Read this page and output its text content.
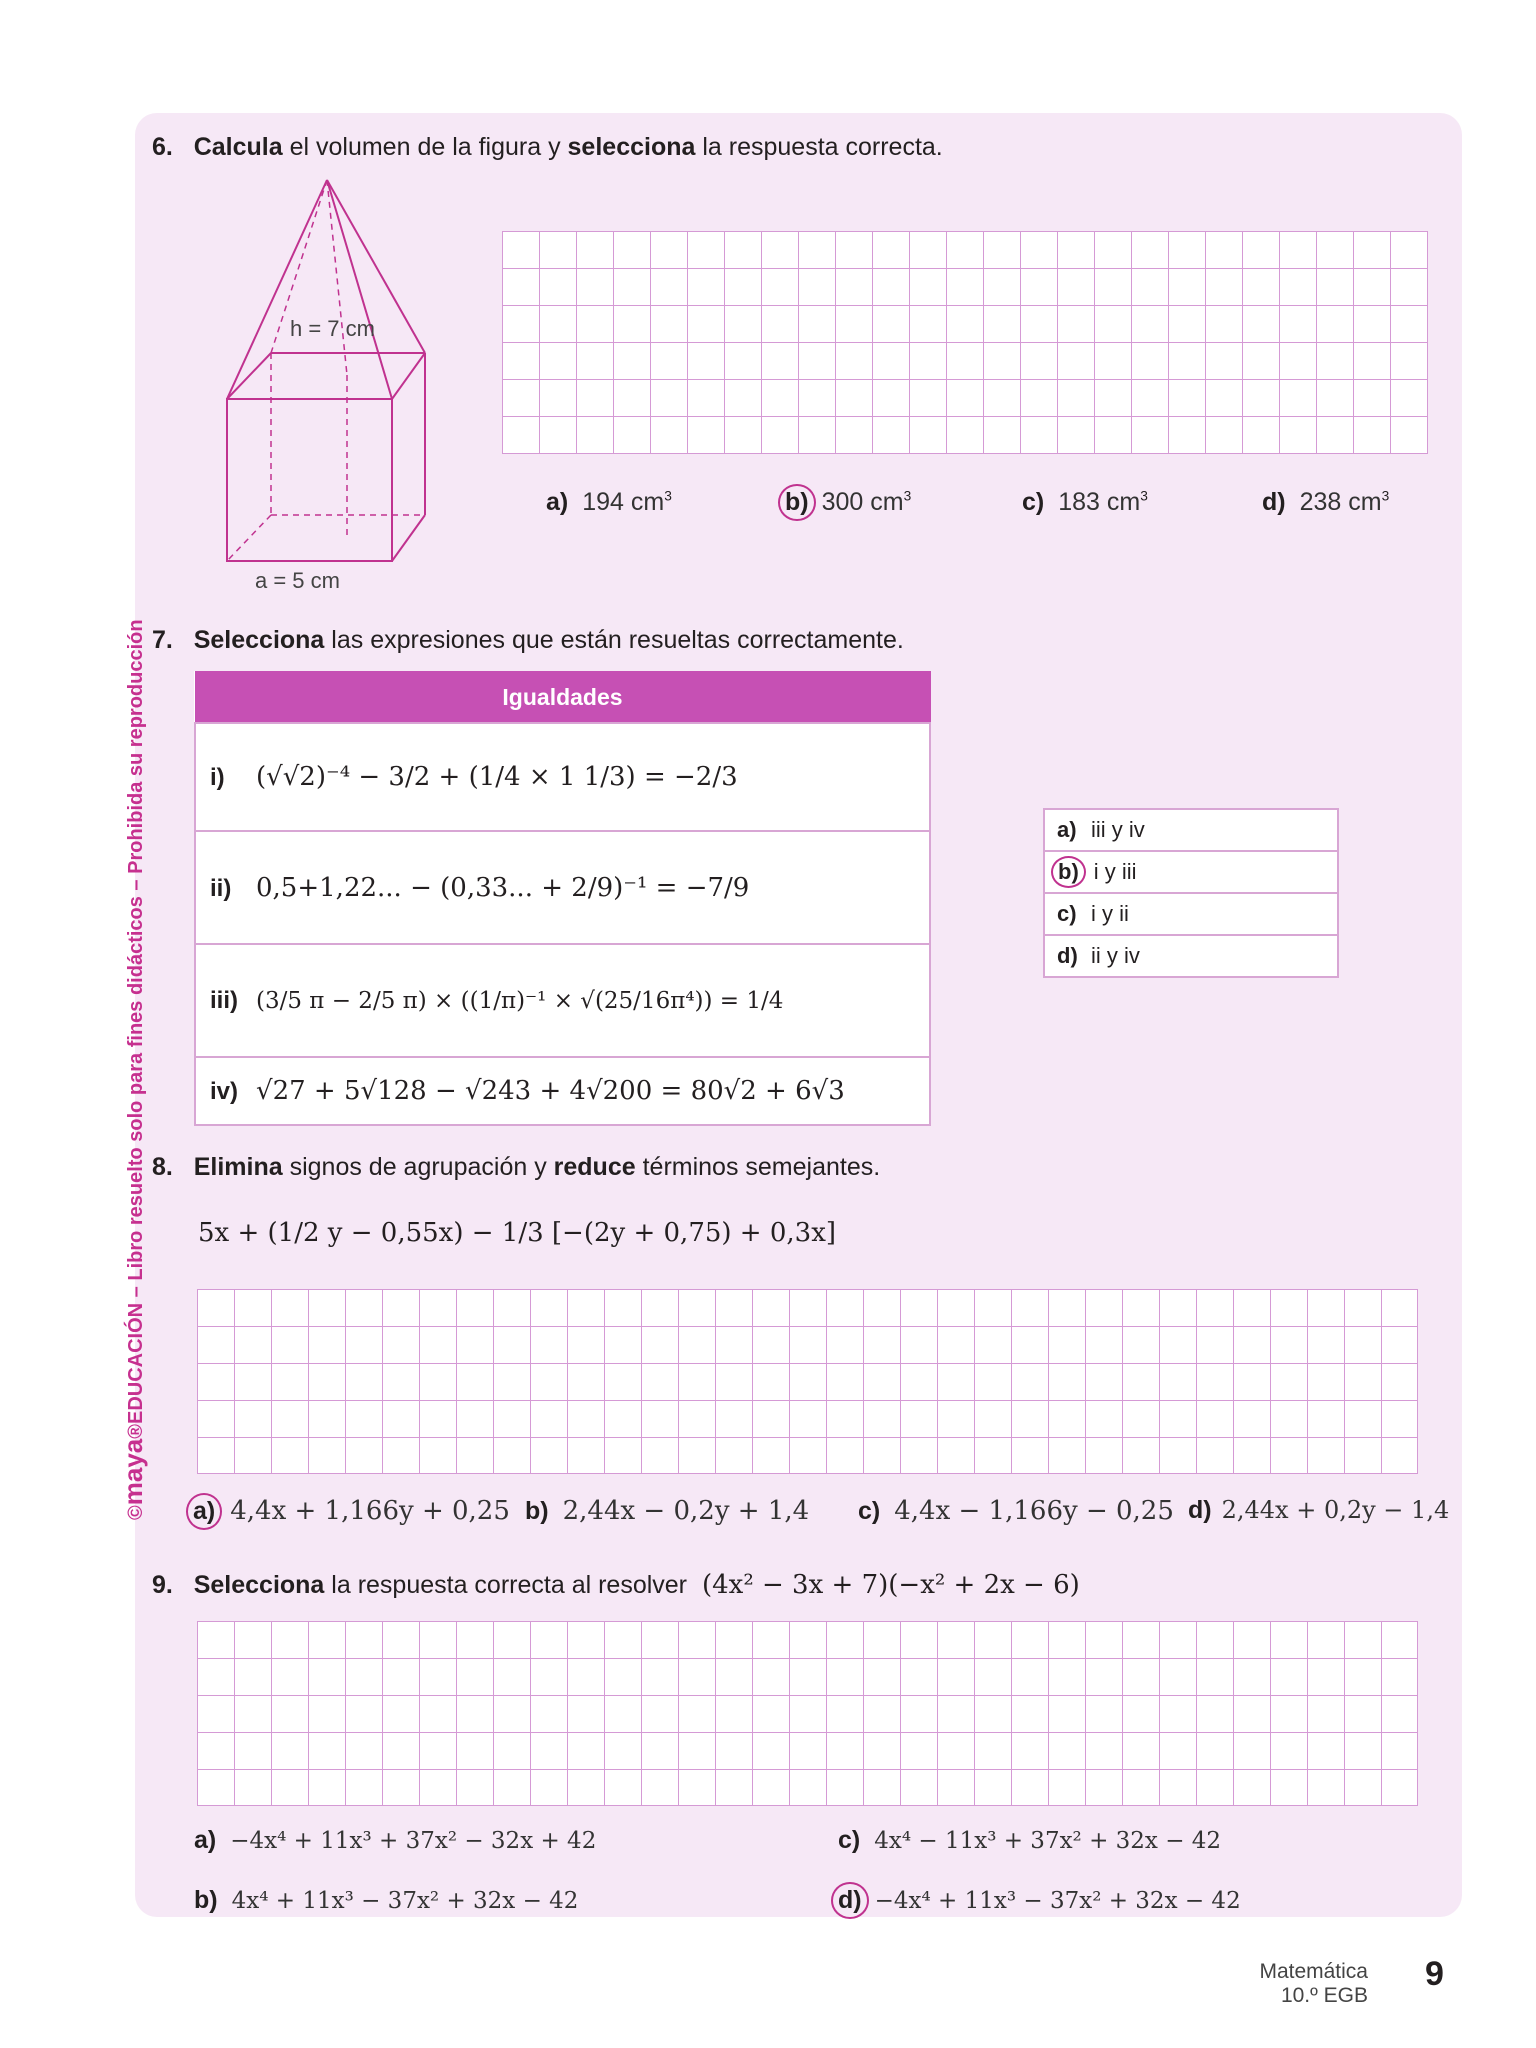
©maya®EDUCACIÓN – Libro resuelto solo para fines didácticos – Prohibida su reproducción
6. Calcula el volumen de la figura y selecciona la respuesta correcta.
h = 7 cm
a = 5 cm
a) 194 $cm^3$	b) 300 $cm^3$	c) 183 $cm^3$	d) 238 $cm^3$
7. Selecciona las expresiones que están resueltas correctamente.
Igualdades
i) (√√2)⁻⁴ − 3/2 + (1/4 × 1 1/3) = −2/3
ii) 0,5+1,22... − (0,33... + 2/9)⁻¹ = −7/9
iii) (3/5 π − 2/5 π) × ((1/π)⁻¹ × √(25/16π⁴)) = 1/4
iv) √27 + 5√128 − √243 + 4√200 = 80√2 + 6√3
a) iii y iv
b) i y iii
c) i y ii
d) ii y iv
8. Elimina signos de agrupación y reduce términos semejantes.
5x + (1/2 y − 0,55x) − 1/3 [−(2y + 0,75) + 0,3x]
a) 4,4x + 1,166y + 0,25 b) 2,44x − 0,2y + 1,4 c) 4,4x − 1,166y − 0,25 d) 2,44x + 0,2y − 1,4
9. Selecciona la respuesta correcta al resolver (4x² − 3x + 7)(−x² + 2x − 6)
a) −4x⁴ + 11x³ + 37x² − 32x + 42	c) 4x⁴ − 11x³ + 37x² + 32x − 42
b) 4x⁴ + 11x³ − 37x² + 32x − 42	d) −4x⁴ + 11x³ − 37x² + 32x − 42
Matemática
10.º EGB
9
